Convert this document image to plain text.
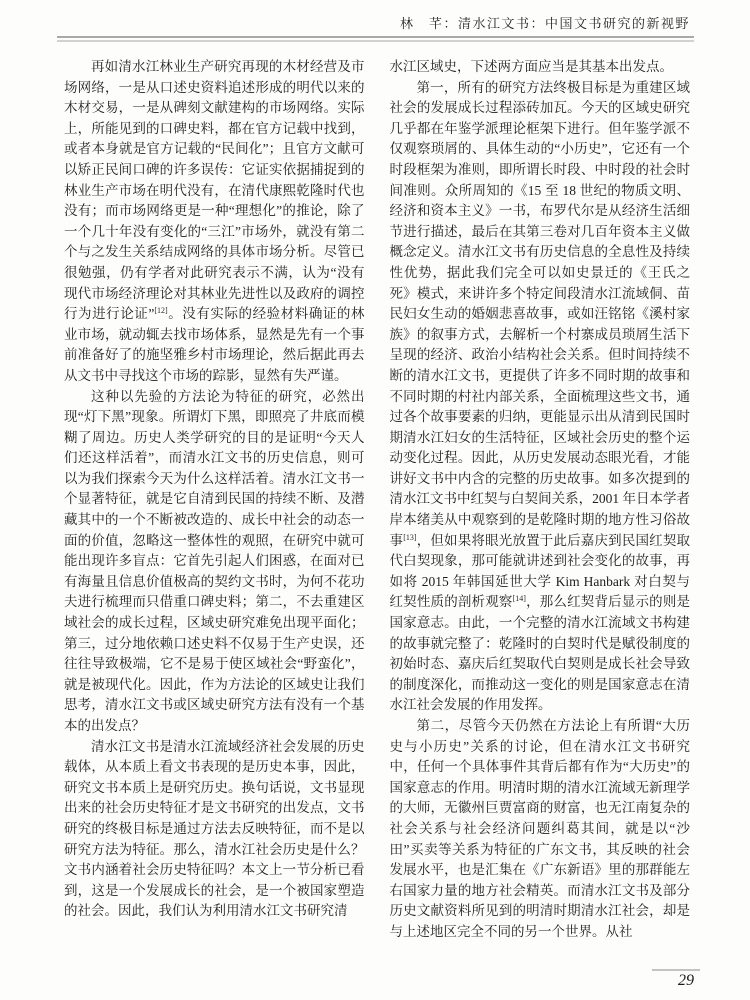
林　芊：清水江文书：中国文书研究的新视野

再如清水江林业生产研究再现的木材经营及市场网络，一是从口述史资料追述形成的明代以来的木材交易，一是从碑刻文献建构的市场网络。实际上，所能见到的口碑史料，都在官方记载中找到，或者本身就是官方记载的“民间化”；且官方文献可以矫正民间口碑的许多误传：它证实依据捕捉到的林业生产市场在明代没有，在清代康熙乾隆时代也没有；而市场网络更是一种“理想化”的推论，除了一个几十年没有变化的“三江”市场外，就没有第二个与之发生关系结成网络的具体市场分析。尽管已很勉强，仍有学者对此研究表示不满，认为“没有现代市场经济理论对其林业先进性以及政府的调控行为进行论证”[12]。没有实际的经验材料确证的林业市场，就动辄去找市场体系，显然是先有一个事前准备好了的施坚雅乡村市场理论，然后据此再去从文书中寻找这个市场的踪影，显然有失严谨。

这种以先验的方法论为特征的研究，必然出现“灯下黑”现象。所谓灯下黑，即照亮了井底而模糊了周边。历史人类学研究的目的是证明“今天人们还这样活着”，而清水江文书的历史信息，则可以为我们探索今天为什么这样活着。清水江文书一个显著特征，就是它自清到民国的持续不断、及潜藏其中的一个不断被改造的、成长中社会的动态一面的价值，忽略这一整体性的观照，在研究中就可能出现许多盲点：它首先引起人们困惑，在面对已有海量且信息价值极高的契约文书时，为何不花功夫进行梳理而只借重口碑史料；第二，不去重建区域社会的成长过程，区域史研究难免出现平面化；第三，过分地依赖口述史料不仅易于生产史误，还往往导致极端，它不是易于使区域社会“野蛮化”，就是被现代化。因此，作为方法论的区域史让我们思考，清水江文书或区域史研究方法有没有一个基本的出发点？

清水江文书是清水江流域经济社会发展的历史载体，从本质上看文书表现的是历史本事，因此，研究文书本质上是研究历史。换句话说，文书显现出来的社会历史特征才是文书研究的出发点，文书研究的终极目标是通过方法去反映特征，而不是以研究方法为特征。那么，清水江社会历史是什么？文书内涵着社会历史特征吗？本文上一节分析已看到，这是一个发展成长的社会，是一个被国家塑造的社会。因此，我们认为利用清水江文书研究清

水江区域史，下述两方面应当是其基本出发点。

第一，所有的研究方法终极目标是为重建区域社会的发展成长过程添砖加瓦。今天的区域史研究几乎都在年鉴学派理论框架下进行。但年鉴学派不仅观察琐屑的、具体生动的“小历史”，它还有一个时段框架为准则，即所谓长时段、中时段的社会时间准则。众所周知的《15 至 18 世纪的物质文明、经济和资本主义》一书，布罗代尔是从经济生活细节进行描述，最后在其第三卷对几百年资本主义做概念定义。清水江文书有历史信息的全息性及持续性优势，据此我们完全可以如史景迁的《王氏之死》模式，来讲许多个特定间段清水江流域侗、苗民妇女生动的婚姻悲喜故事，或如汪铭铭《溪村家族》的叙事方式，去解析一个村寨成员琐屑生活下呈现的经济、政治小结构社会关系。但时间持续不断的清水江文书，更提供了许多不同时期的故事和不同时期的村社内部关系，全面梳理这些文书，通过各个故事要素的归纳，更能显示出从清到民国时期清水江妇女的生活特征，区域社会历史的整个运动变化过程。因此，从历史发展动态眼光看，才能讲好文书中内含的完整的历史故事。如多次提到的清水江文书中红契与白契间关系，2001 年日本学者岸本绪美从中观察到的是乾隆时期的地方性习俗故事[13]，但如果将眼光放置于此后嘉庆到民国红契取代白契现象，那可能就讲述到社会变化的故事，再如将 2015 年韩国延世大学 Kim Hanbark 对白契与红契性质的剖析观察[14]，那么红契背后显示的则是国家意志。由此，一个完整的清水江流域文书构建的故事就完整了：乾隆时的白契时代是赋役制度的初始时态、嘉庆后红契取代白契则是成长社会导致的制度深化，而推动这一变化的则是国家意志在清水江社会发展的作用发挥。

第二，尽管今天仍然在方法论上有所谓“大历史与小历史”关系的讨论，但在清水江文书研究中，任何一个具体事件其背后都有作为“大历史”的国家意志的作用。明清时期的清水江流域无新理学的大师，无徽州巨贾富商的财富，也无江南复杂的社会关系与社会经济问题纠葛其间，就是以“沙田”买卖等关系为特征的广东文书，其反映的社会发展水平，也是汇集在《广东新语》里的那群能左右国家力量的地方社会精英。而清水江文书及部分历史文献资料所见到的明清时期清水江社会，却是与上述地区完全不同的另一个世界。从社

29
